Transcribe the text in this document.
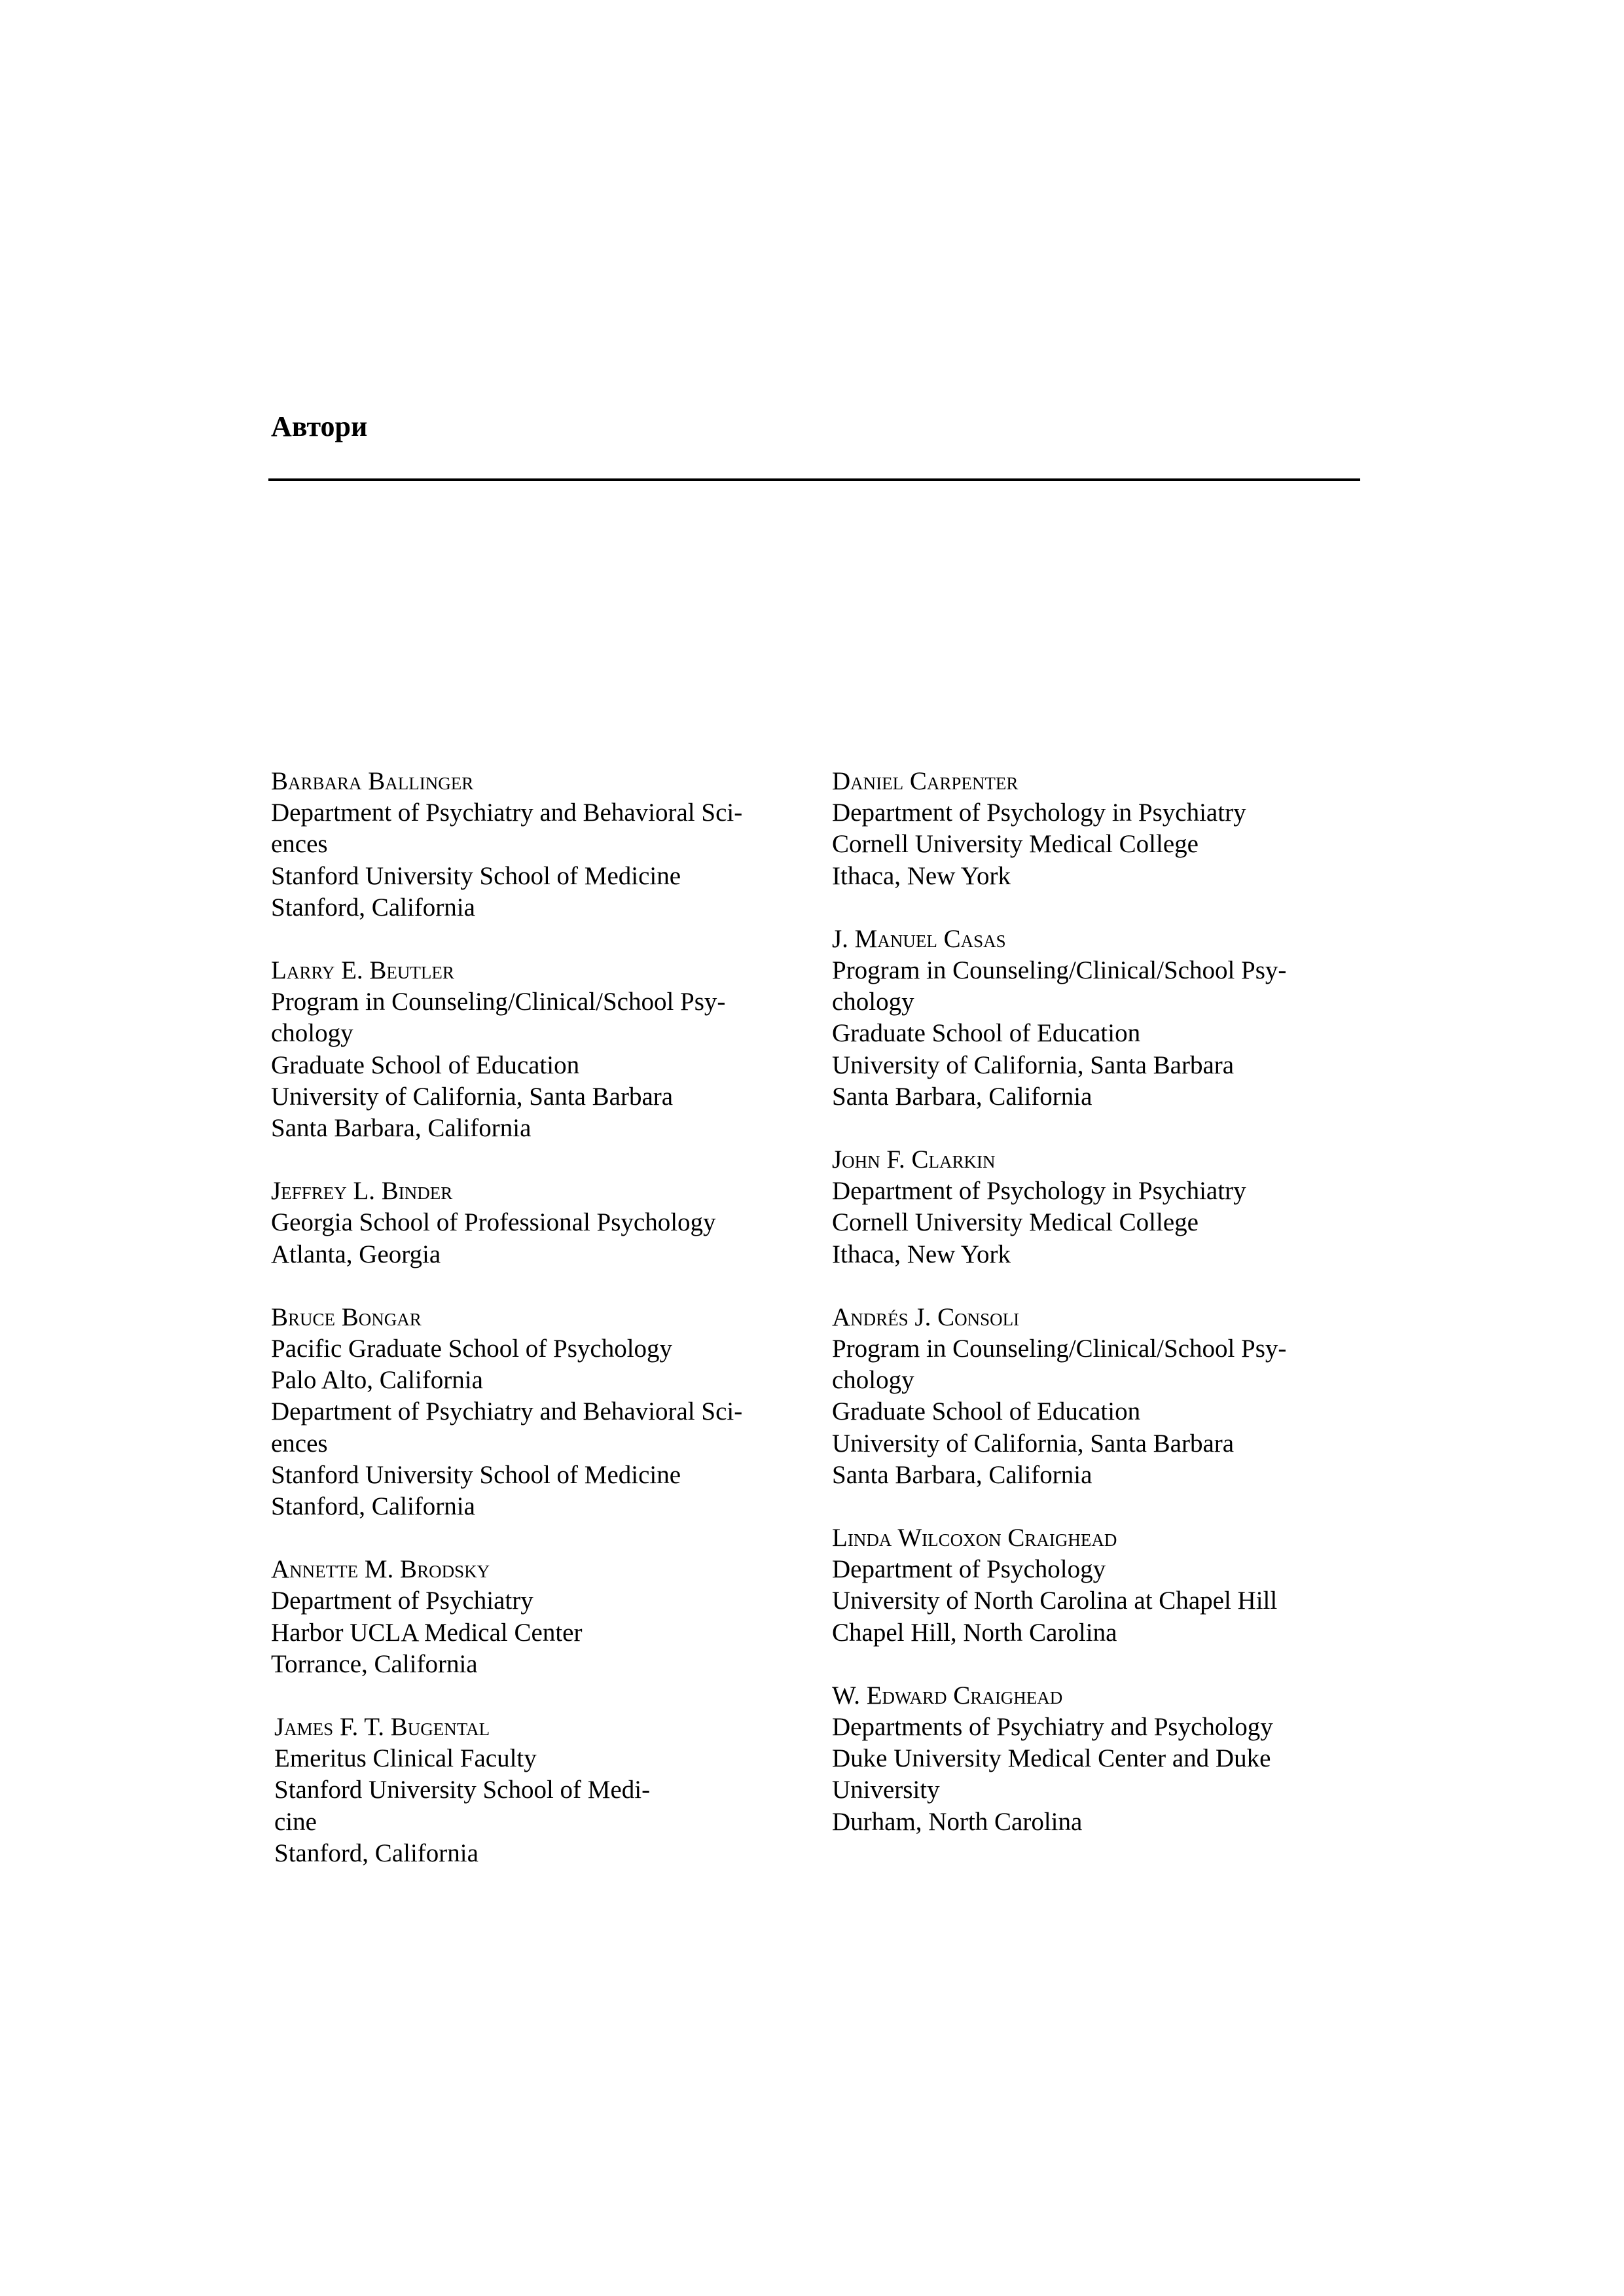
Автори
Barbara Ballinger
Department of Psychiatry and Behavioral Sci-
ences
Stanford University School of Medicine
Stanford, California
Larry E. Beutler
Program in Counseling/Clinical/School Psy-
chology
Graduate School of Education
University of California, Santa Barbara
Santa Barbara, California
Jeffrey L. Binder
Georgia School of Professional Psychology
Atlanta, Georgia
Bruce Bongar
Pacific Graduate School of Psychology
Palo Alto, California
Department of Psychiatry and Behavioral Sci-
ences
Stanford University School of Medicine
Stanford, California
Annette M. Brodsky
Department of Psychiatry
Harbor UCLA Medical Center
Torrance, California
James F. T. Bugental
Emeritus Clinical Faculty
Stanford University School of Medi-
cine
Stanford, California
Daniel Carpenter
Department of Psychology in Psychiatry
Cornell University Medical College
Ithaca, New York
J. Manuel Casas
Program in Counseling/Clinical/School Psy-
chology
Graduate School of Education
University of California, Santa Barbara
Santa Barbara, California
John F. Clarkin
Department of Psychology in Psychiatry
Cornell University Medical College
Ithaca, New York
Andrés J. Consoli
Program in Counseling/Clinical/School Psy-
chology
Graduate School of Education
University of California, Santa Barbara
Santa Barbara, California
Linda Wilcoxon Craighead
Department of Psychology
University of North Carolina at Chapel Hill
Chapel Hill, North Carolina
W. Edward Craighead
Departments of Psychiatry and Psychology
Duke University Medical Center and Duke
University
Durham, North Carolina
